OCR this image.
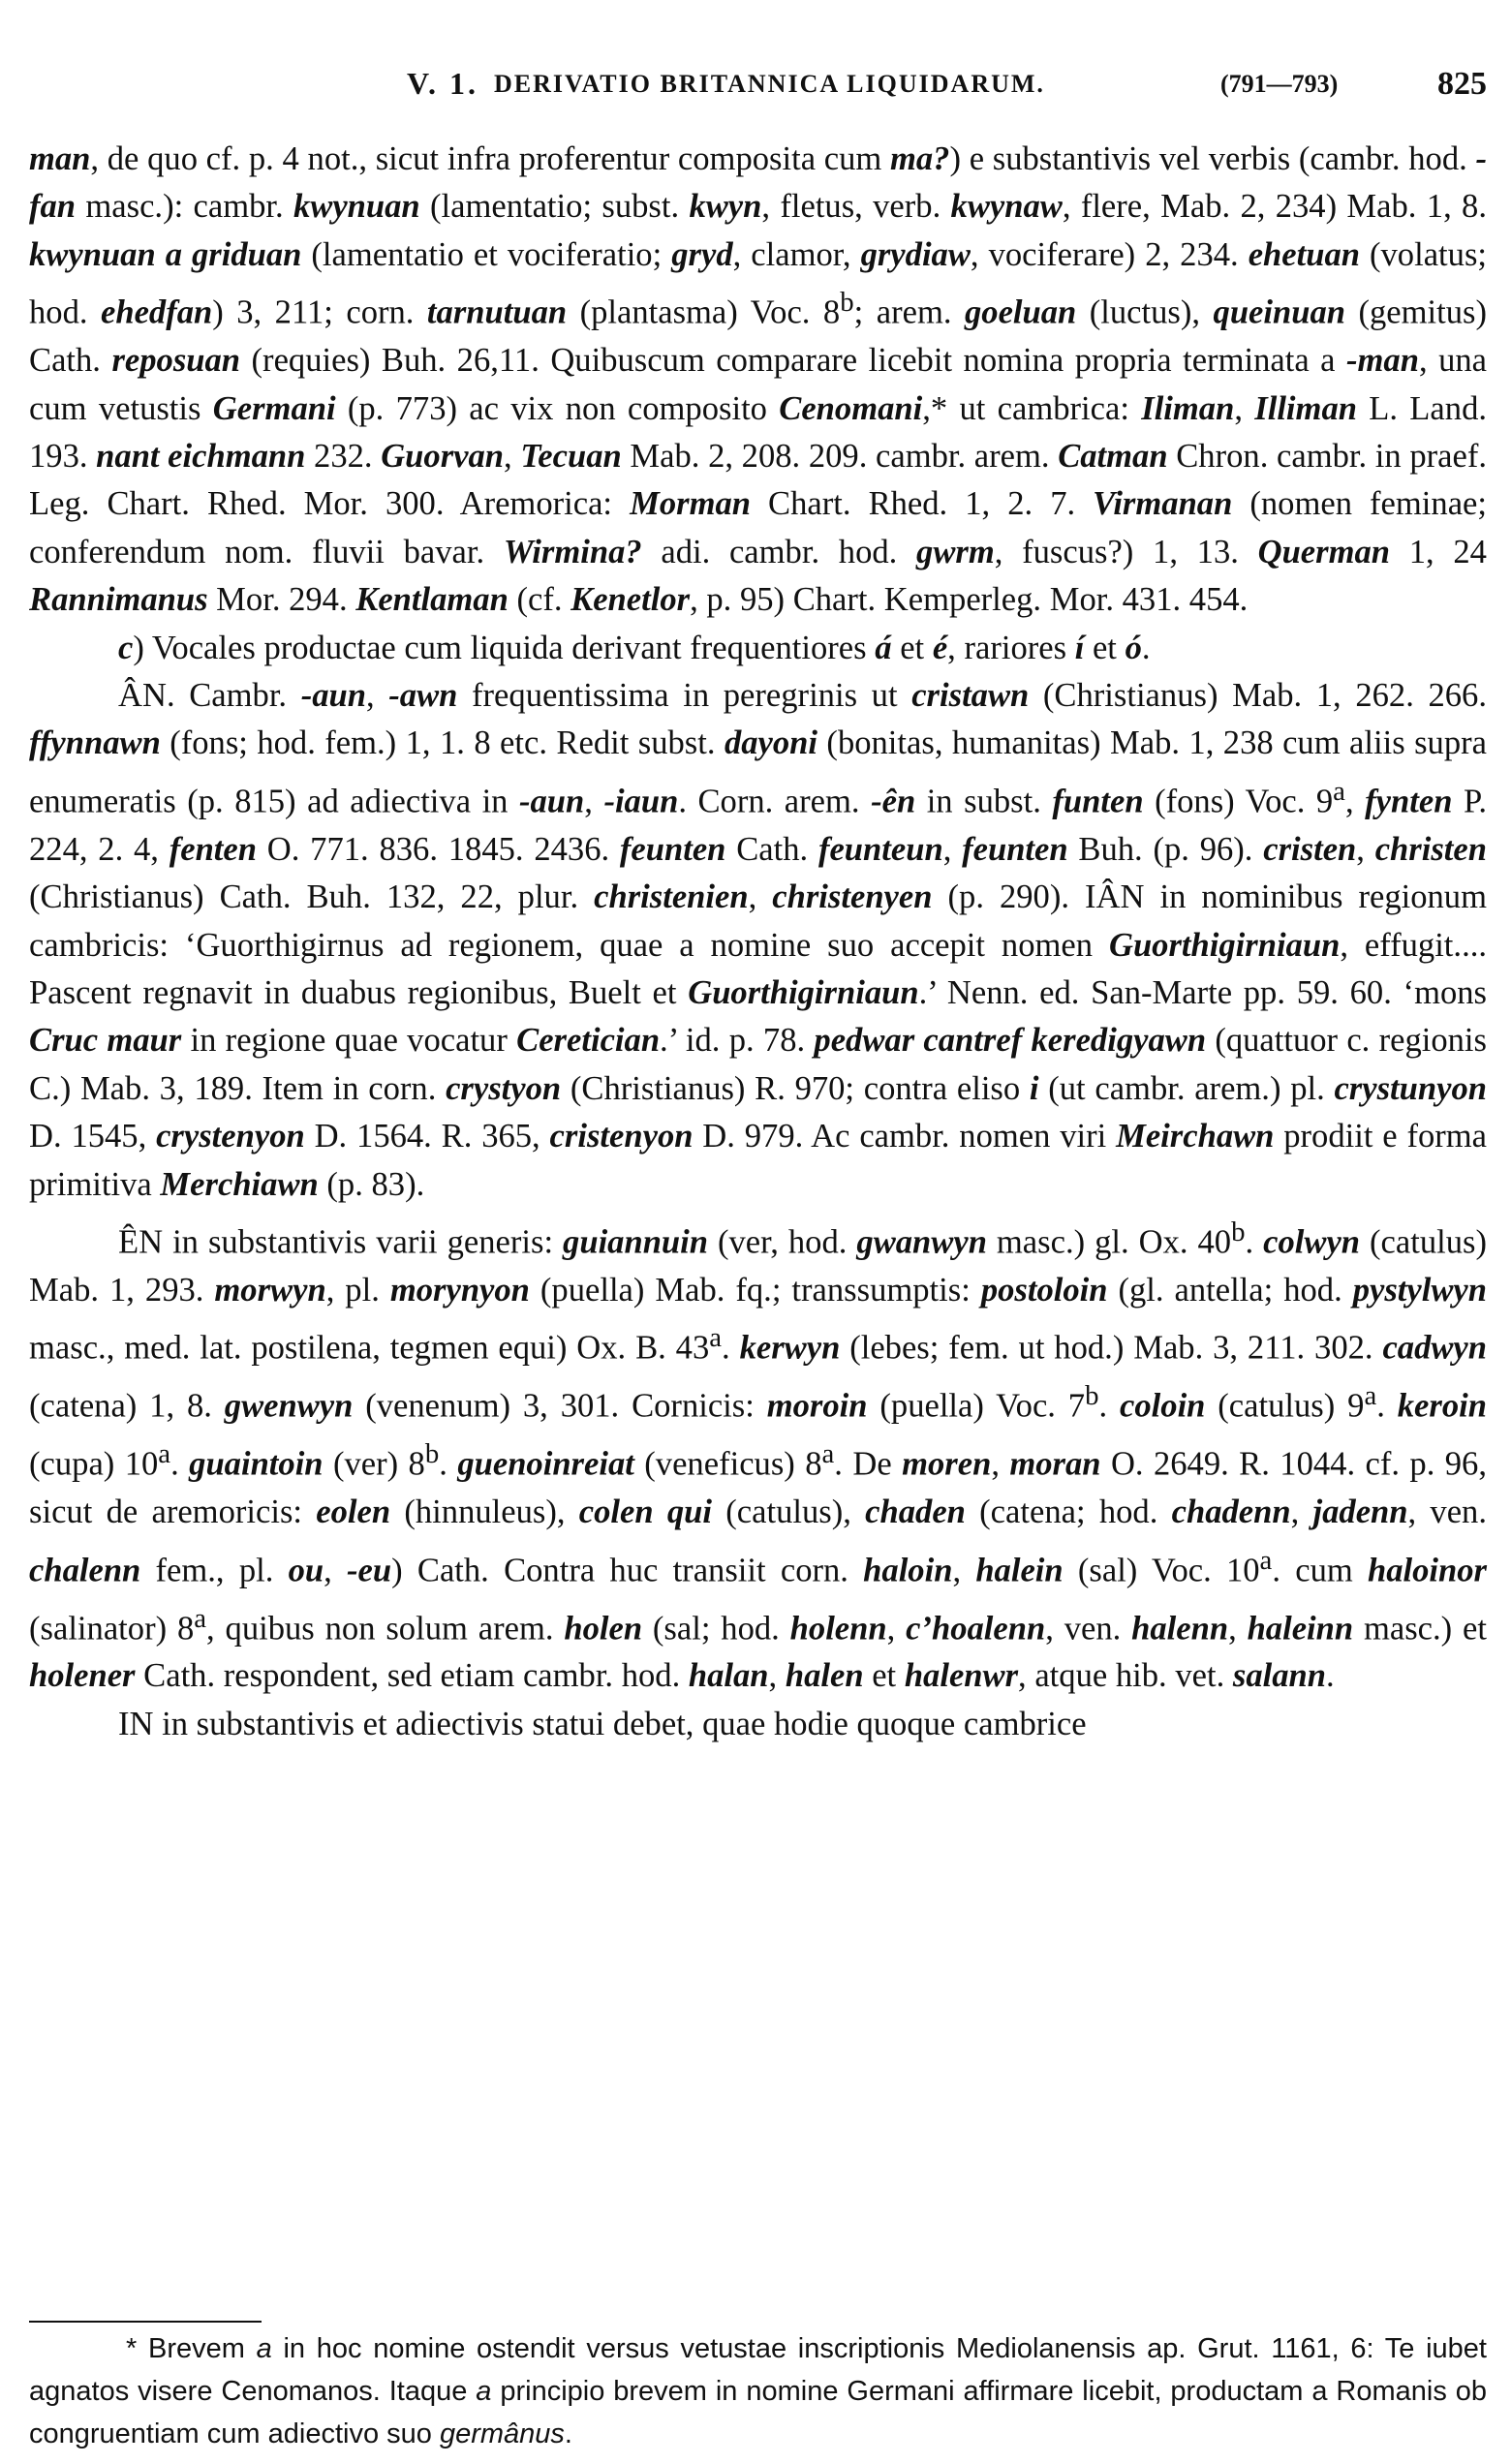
V. 1. DERIVATIO BRITANNICA LIQUIDARUM.	(791—793)	825

man, de quo cf. p. 4 not., sicut infra proferentur composita cum ma?) e substantivis vel verbis (cambr. hod. -fan masc.): cambr. kwynuan (lamentatio; subst. kwyn, fletus, verb. kwynaw, flere, Mab. 2, 234) Mab. 1, 8. kwynuan a griduan (lamentatio et vociferatio; gryd, clamor, grydiaw, vociferare) 2, 234. ehetuan (volatus; hod. ehedfan) 3, 211; corn. tarnutuan (plantasma) Voc. 8$^b$; arem. goeluan (luctus), queinuan (gemitus) Cath. reposuan (requies) Buh. 26,11. Quibuscum comparare licebit nomina propria terminata a -man, una cum vetustis Germani (p. 773) ac vix non composito Cenomani,* ut cambrica: Iliman, Illiman L. Land. 193. nant eichmann 232. Guorvan, Tecuan Mab. 2, 208. 209. cambr. arem. Catman Chron. cambr. in praef. Leg. Chart. Rhed. Mor. 300. Aremorica: Morman Chart. Rhed. 1, 2. 7. Virmanan (nomen feminae; conferendum nom. fluvii bavar. Wirmina? adi. cambr. hod. gwrm, fuscus?) 1, 13. Querman 1, 24 Rannimanus Mor. 294. Kentlaman (cf. Kenetlor, p. 95) Chart. Kemperleg. Mor. 431. 454.

c) Vocales productae cum liquida derivant frequentiores á et é, rariores í et ó.

ÂN. Cambr. -aun, -awn frequentissima in peregrinis ut cristawn (Christianus) Mab. 1, 262. 266. ffynnawn (fons; hod. fem.) 1, 1. 8 etc. Redit subst. dayoni (bonitas, humanitas) Mab. 1, 238 cum aliis supra enumeratis (p. 815) ad adiectiva in -aun, -iaun. Corn. arem. -ên in subst. funten (fons) Voc. 9$^a$, fynten P. 224, 2. 4, fenten O. 771. 836. 1845. 2436. feunten Cath. feunteun, feunten Buh. (p. 96). cristen, christen (Christianus) Cath. Buh. 132, 22, plur. christenien, christenyen (p. 290). IÂN in nominibus regionum cambricis: ‘Guorthigirnus ad regionem, quae a nomine suo accepit nomen Guorthigirniaun, effugit.... Pascent regnavit in duabus regionibus, Buelt et Guorthigirniaun.’ Nenn. ed. San-Marte pp. 59. 60. ‘mons Cruc maur in regione quae vocatur Ceretician.’ id. p. 78. pedwar cantref keredigyawn (quattuor c. regionis C.) Mab. 3, 189. Item in corn. crystyon (Christianus) R. 970; contra eliso i (ut cambr. arem.) pl. crystunyon D. 1545, crystenyon D. 1564. R. 365, cristenyon D. 979. Ac cambr. nomen viri Meirchawn prodiit e forma primitiva Merchiawn (p. 83).

ÊN in substantivis varii generis: guiannuin (ver, hod. gwanwyn masc.) gl. Ox. 40$^b$. colwyn (catulus) Mab. 1, 293. morwyn, pl. morynyon (puella) Mab. fq.; transsumptis: postoloin (gl. antella; hod. pystylwyn masc., med. lat. postilena, tegmen equi) Ox. B. 43$^a$. kerwyn (lebes; fem. ut hod.) Mab. 3, 211. 302. cadwyn (catena) 1, 8. gwenwyn (venenum) 3, 301. Cornicis: moroin (puella) Voc. 7$^b$. coloin (catulus) 9$^a$. keroin (cupa) 10$^a$. guaintoin (ver) 8$^b$. guenoinreiat (veneficus) 8$^a$. De moren, moran O. 2649. R. 1044. cf. p. 96, sicut de aremoricis: eolen (hinnuleus), colen qui (catulus), chaden (catena; hod. chadenn, jadenn, ven. chalenn fem., pl. ou, -eu) Cath. Contra huc transiit corn. haloin, halein (sal) Voc. 10$^a$. cum haloinor (salinator) 8$^a$, quibus non solum arem. holen (sal; hod. holenn, c’hoalenn, ven. halenn, haleinn masc.) et holener Cath. respondent, sed etiam cambr. hod. halan, halen et halenwr, atque hib. vet. salann.

IN in substantivis et adiectivis statui debet, quae hodie quoque cambrice

* Brevem a in hoc nomine ostendit versus vetustae inscriptionis Mediolanensis ap. Grut. 1161, 6: Te iubet agnatos visere Cenomanos. Itaque a principio brevem in nomine Germani affirmare licebit, productam a Romanis ob congruentiam cum adiectivo suo germânus.
